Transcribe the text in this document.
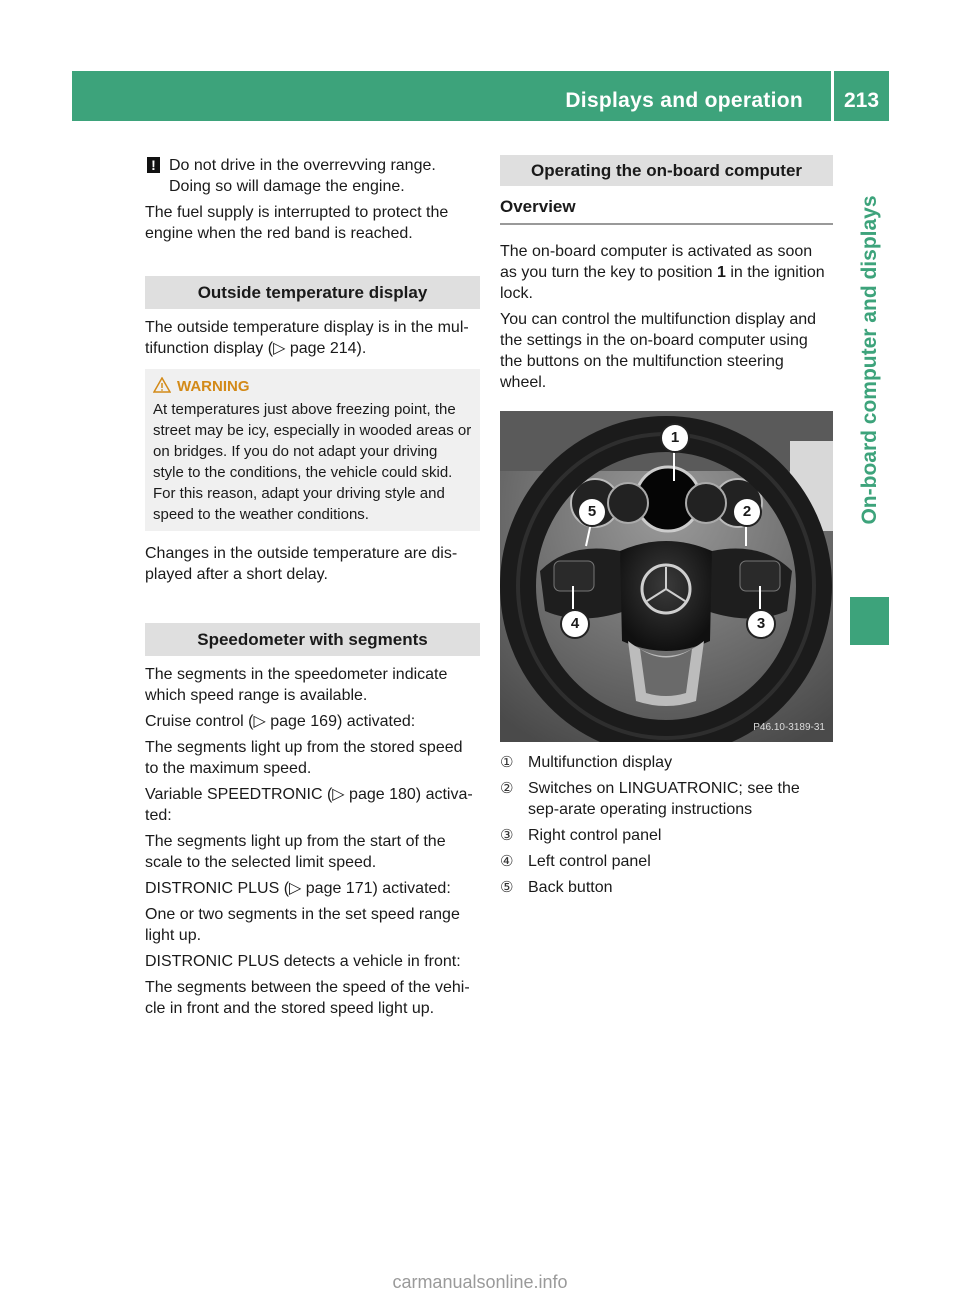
Displays and operation 213
On-board computer and displays
! Do not drive in the overrevving range. Doing so will damage the engine.

The fuel supply is interrupted to protect the engine when the red band is reached.

Outside temperature display

The outside temperature display is in the mul-tifunction display (▷ page 214).

WARNING
At temperatures just above freezing point, the street may be icy, especially in wooded areas or on bridges. If you do not adapt your driving style to the conditions, the vehicle could skid. For this reason, adapt your driving style and speed to the weather conditions.

Changes in the outside temperature are dis-played after a short delay.

Speedometer with segments

The segments in the speedometer indicate which speed range is available.

Cruise control (▷ page 169) activated:

The segments light up from the stored speed to the maximum speed.

Variable SPEEDTRONIC (▷ page 180) activa-ted:

The segments light up from the start of the scale to the selected limit speed.

DISTRONIC PLUS (▷ page 171) activated:

One or two segments in the set speed range light up.

DISTRONIC PLUS detects a vehicle in front:

The segments between the speed of the vehi-cle in front and the stored speed light up.

Operating the on-board computer
Overview

The on-board computer is activated as soon as you turn the key to position 1 in the ignition lock.

You can control the multifunction display and the settings in the on-board computer using the buttons on the multifunction steering wheel.

1
2
3
4
5
P46.10-3189-31
① Multifunction display
② Switches on LINGUATRONIC; see the sep-arate operating instructions
③ Right control panel
④ Left control panel
⑤ Back button
carmanualsonline.info
